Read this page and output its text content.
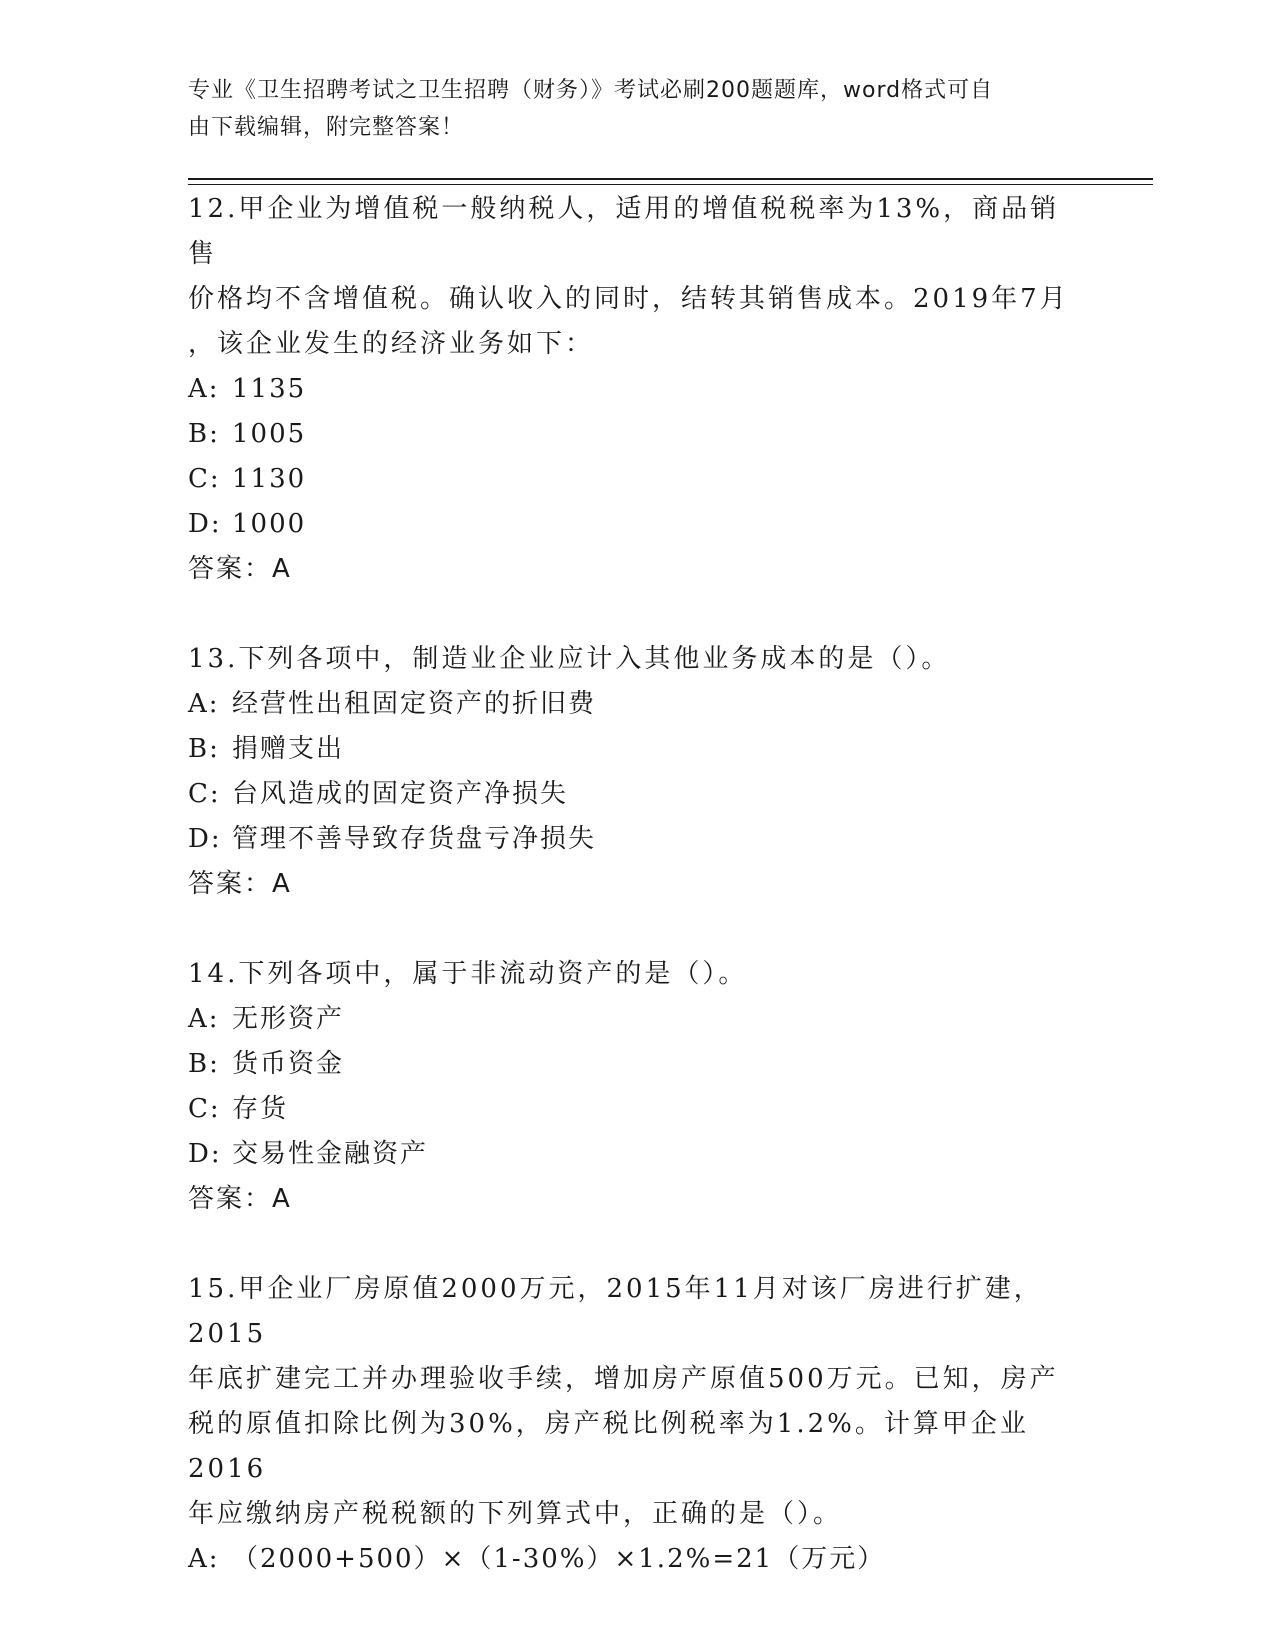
专业《卫生招聘考试之卫生招聘（财务）》考试必刷200题题库，word格式可自
由下载编辑，附完整答案！

12.甲企业为增值税一般纳税人，适用的增值税税率为13%，商品销售

价格均不含增值税。确认收入的同时，结转其销售成本。2019年7月

，该企业发生的经济业务如下：

A: 1135

B: 1005

C: 1130

D: 1000

答案：A

13.下列各项中，制造业企业应计入其他业务成本的是（）。

A: 经营性出租固定资产的折旧费

B: 捐赠支出

C: 台风造成的固定资产净损失

D: 管理不善导致存货盘亏净损失

答案：A

14.下列各项中，属于非流动资产的是（）。

A: 无形资产

B: 货币资金

C: 存货

D: 交易性金融资产

答案：A

15.甲企业厂房原值2000万元，2015年11月对该厂房进行扩建，2015

年底扩建完工并办理验收手续，增加房产原值500万元。已知，房产

税的原值扣除比例为30%，房产税比例税率为1.2%。计算甲企业2016

年应缴纳房产税税额的下列算式中，正确的是（）。

A: （2000+500）×（1-30%）×1.2%=21（万元）
